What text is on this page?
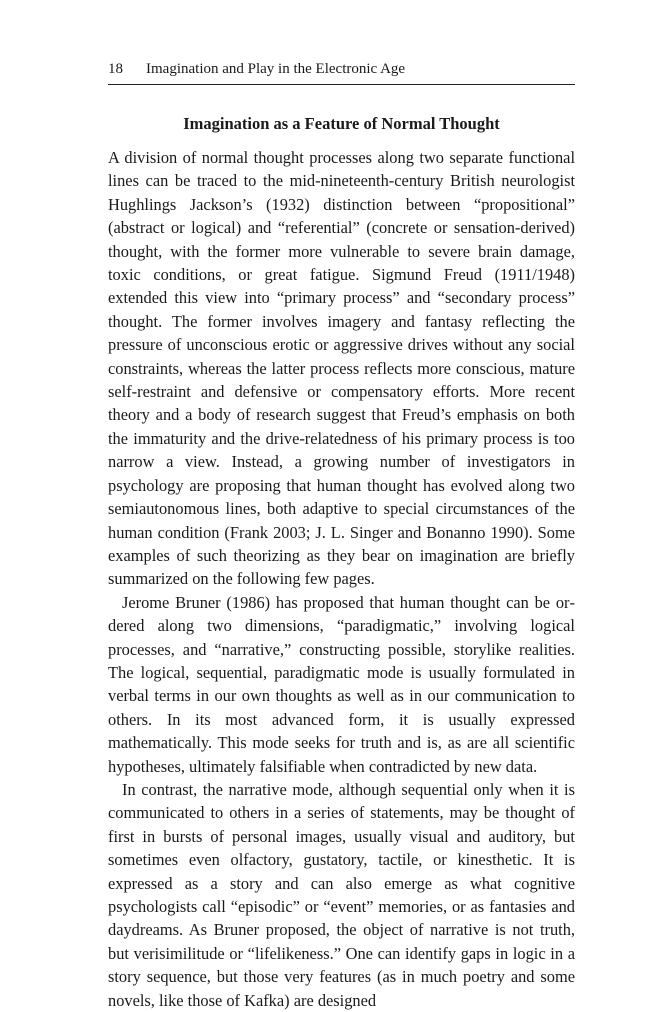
18 Imagination and Play in the Electronic Age
Imagination as a Feature of Normal Thought

A division of normal thought processes along two separate functional lines can be traced to the mid-nineteenth-century British neurologist Hughlings Jackson’s (1932) distinction between “propositional” (abstract or logical) and “referential” (concrete or sensation-derived) thought, with the former more vulnerable to severe brain damage, toxic conditions, or great fatigue. Sigmund Freud (1911/1948) extended this view into “primary process” and “secondary process” thought. The former involves imagery and fantasy reflecting the pressure of unconscious erotic or aggressive drives without any social constraints, whereas the latter process reflects more conscious, mature self-restraint and defensive or compensatory efforts. More recent theory and a body of research suggest that Freud’s emphasis on both the immaturity and the drive-relatedness of his primary process is too narrow a view. Instead, a growing number of investigators in psychology are proposing that human thought has evolved along two semiautonomous lines, both adaptive to special circumstances of the human condition (Frank 2003; J. L. Singer and Bonanno 1990). Some examples of such theorizing as they bear on imagination are briefly summarized on the following few pages.

Jerome Bruner (1986) has proposed that human thought can be ordered along two dimensions, “paradigmatic,” involving logical processes, and “narrative,” constructing possible, storylike realities. The logical, sequential, paradigmatic mode is usually formulated in verbal terms in our own thoughts as well as in our communication to others. In its most advanced form, it is usually expressed mathematically. This mode seeks for truth and is, as are all scientific hypotheses, ultimately falsifiable when contradicted by new data.

In contrast, the narrative mode, although sequential only when it is communicated to others in a series of statements, may be thought of first in bursts of personal images, usually visual and auditory, but sometimes even olfactory, gustatory, tactile, or kinesthetic. It is expressed as a story and can also emerge as what cognitive psychologists call “episodic” or “event” memories, or as fantasies and daydreams. As Bruner proposed, the object of narrative is not truth, but verisimilitude or “lifelikeness.” One can identify gaps in logic in a story sequence, but those very features (as in much poetry and some novels, like those of Kafka) are designed
